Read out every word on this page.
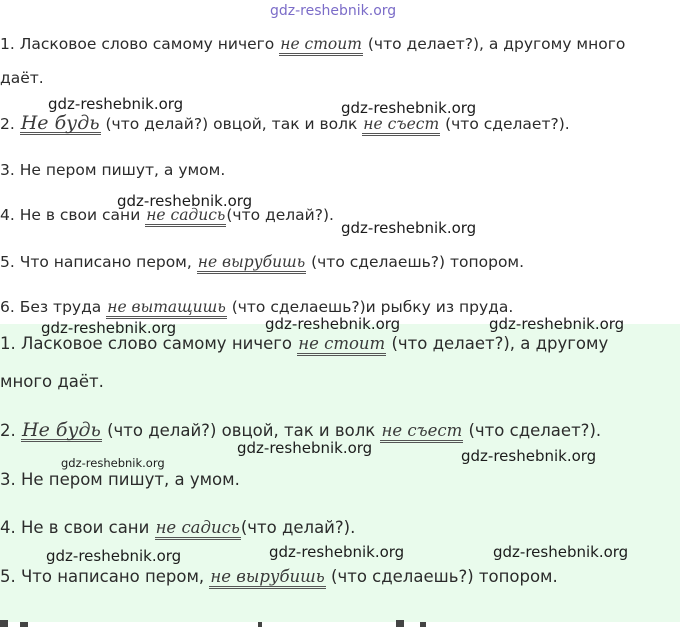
gdz-reshebnik.org
1. Ласковое слово самому ничего не стоит (что делает?), а другому много
даёт.
2. Не будь (что делай?) овцой, так и волк не съест (что сделает?).
3. Не пером пишут, а умом.
4. Не в свои сани не садись(что делай?).
5. Что написано пером, не вырубишь (что сделаешь?) топором.
6. Без труда не вытащишь (что сделаешь?)и рыбку из пруда.
1. Ласковое слово самому ничего не стоит (что делает?), а другому
много даёт.
2. Не будь (что делай?) овцой, так и волк не съест (что сделает?).
3. Не пером пишут, а умом.
4. Не в свои сани не садись(что делай?).
5. Что написано пером, не вырубишь (что сделаешь?) топором.
gdz-reshebnik.org	gdz-reshebnik.org
gdz-reshebnik.org
gdz-reshebnik.org
gdz-reshebnik.org	gdz-reshebnik.org	gdz-reshebnik.org
gdz-reshebnik.org
gdz-reshebnik.org	gdz-reshebnik.org
gdz-reshebnik.org	gdz-reshebnik.org	gdz-reshebnik.org
